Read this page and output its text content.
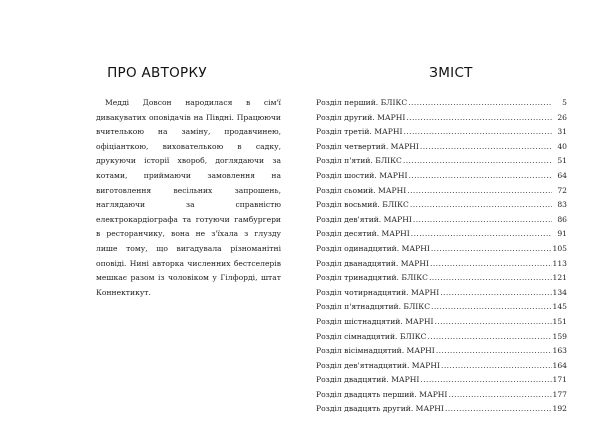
ПРО АВТОРКУ

Медді Довсон народилася в сім'ї дивакуватих оповідачів на Півдні. Працюючи вчителькою на заміну, продавчинею, офіціанткою, вихователькою в садку, друкуючи історії хвороб, доглядаючи за котами, приймаючи замовлення на виготовлення весільних запрошень, наглядаючи за справністю електрокардіографа та готуючи гамбургери в ресторанчику, вона не з'їхала з глузду лише тому, що вигадувала різноманітні оповіді. Нині авторка численних бестселерів мешкає разом із чоловіком у Гілфорді, штат Коннектикут.

ЗМІСТ
Розділ перший. БЛІКС .....	5
Розділ другий. МАРНІ .....	26
Розділ третій. МАРНІ .....	31
Розділ четвертий. МАРНІ .....	40
Розділ п'ятий. БЛІКС .....	51
Розділ шостий. МАРНІ .....	64
Розділ сьомий. МАРНІ .....	72
Розділ восьмий. БЛІКС .....	83
Розділ дев'ятий. МАРНІ .....	86
Розділ десятий. МАРНІ .....	91
Розділ одинадцятий. МАРНІ .....	105
Розділ дванадцятий. МАРНІ .....	113
Розділ тринадцятий. БЛІКС .....	121
Розділ чотирнадцятий. МАРНІ .....	134
Розділ п'ятнадцятий. БЛІКС .....	145
Розділ шістнадцятий. МАРНІ .....	151
Розділ сімнадцятий. БЛІКС .....	159
Розділ вісімнадцятий. МАРНІ .....	163
Розділ дев'ятнадцятий. МАРНІ .....	164
Розділ двадцятий. МАРНІ .....	171
Розділ двадцять перший. МАРНІ .....	177
Розділ двадцять другий. МАРНІ .....	192
